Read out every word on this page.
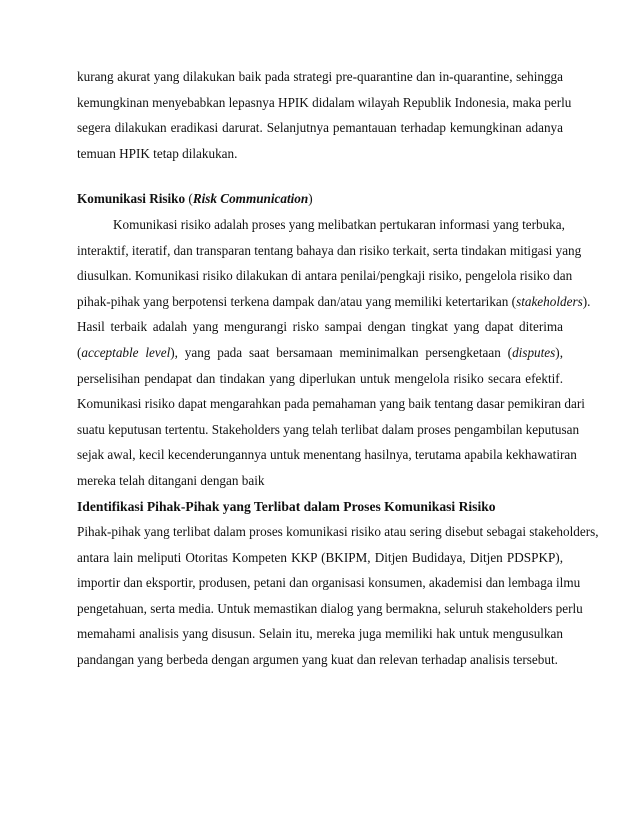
kurang akurat yang dilakukan baik pada strategi pre-quarantine dan in-quarantine, sehingga
kemungkinan menyebabkan lepasnya HPIK didalam wilayah Republik Indonesia, maka perlu
segera dilakukan eradikasi darurat. Selanjutnya pemantauan terhadap kemungkinan adanya
temuan HPIK tetap dilakukan.
Komunikasi Risiko (Risk Communication)
Komunikasi risiko adalah proses yang melibatkan pertukaran informasi yang terbuka,
interaktif, iteratif, dan transparan tentang bahaya dan risiko terkait, serta tindakan mitigasi yang
diusulkan. Komunikasi risiko dilakukan di antara penilai/pengkaji risiko, pengelola risiko dan
pihak-pihak yang berpotensi terkena dampak dan/atau yang memiliki ketertarikan (stakeholders).
Hasil terbaik adalah yang mengurangi risko sampai dengan tingkat yang dapat diterima
(acceptable level), yang pada saat bersamaan meminimalkan persengketaan (disputes),
perselisihan pendapat dan tindakan yang diperlukan untuk mengelola risiko secara efektif.
Komunikasi risiko dapat mengarahkan pada pemahaman yang baik tentang dasar pemikiran dari
suatu keputusan tertentu. Stakeholders yang telah terlibat dalam proses pengambilan keputusan
sejak awal, kecil kecenderungannya untuk menentang hasilnya, terutama apabila kekhawatiran
mereka telah ditangani dengan baik
Identifikasi Pihak-Pihak yang Terlibat dalam Proses Komunikasi Risiko
Pihak-pihak yang terlibat dalam proses komunikasi risiko atau sering disebut sebagai stakeholders,
antara lain meliputi Otoritas Kompeten KKP (BKIPM, Ditjen Budidaya, Ditjen PDSPKP),
importir dan eksportir, produsen, petani dan organisasi konsumen, akademisi dan lembaga ilmu
pengetahuan, serta media. Untuk memastikan dialog yang bermakna, seluruh stakeholders perlu
memahami analisis yang disusun. Selain itu, mereka juga memiliki hak untuk mengusulkan
pandangan yang berbeda dengan argumen yang kuat dan relevan terhadap analisis tersebut.
